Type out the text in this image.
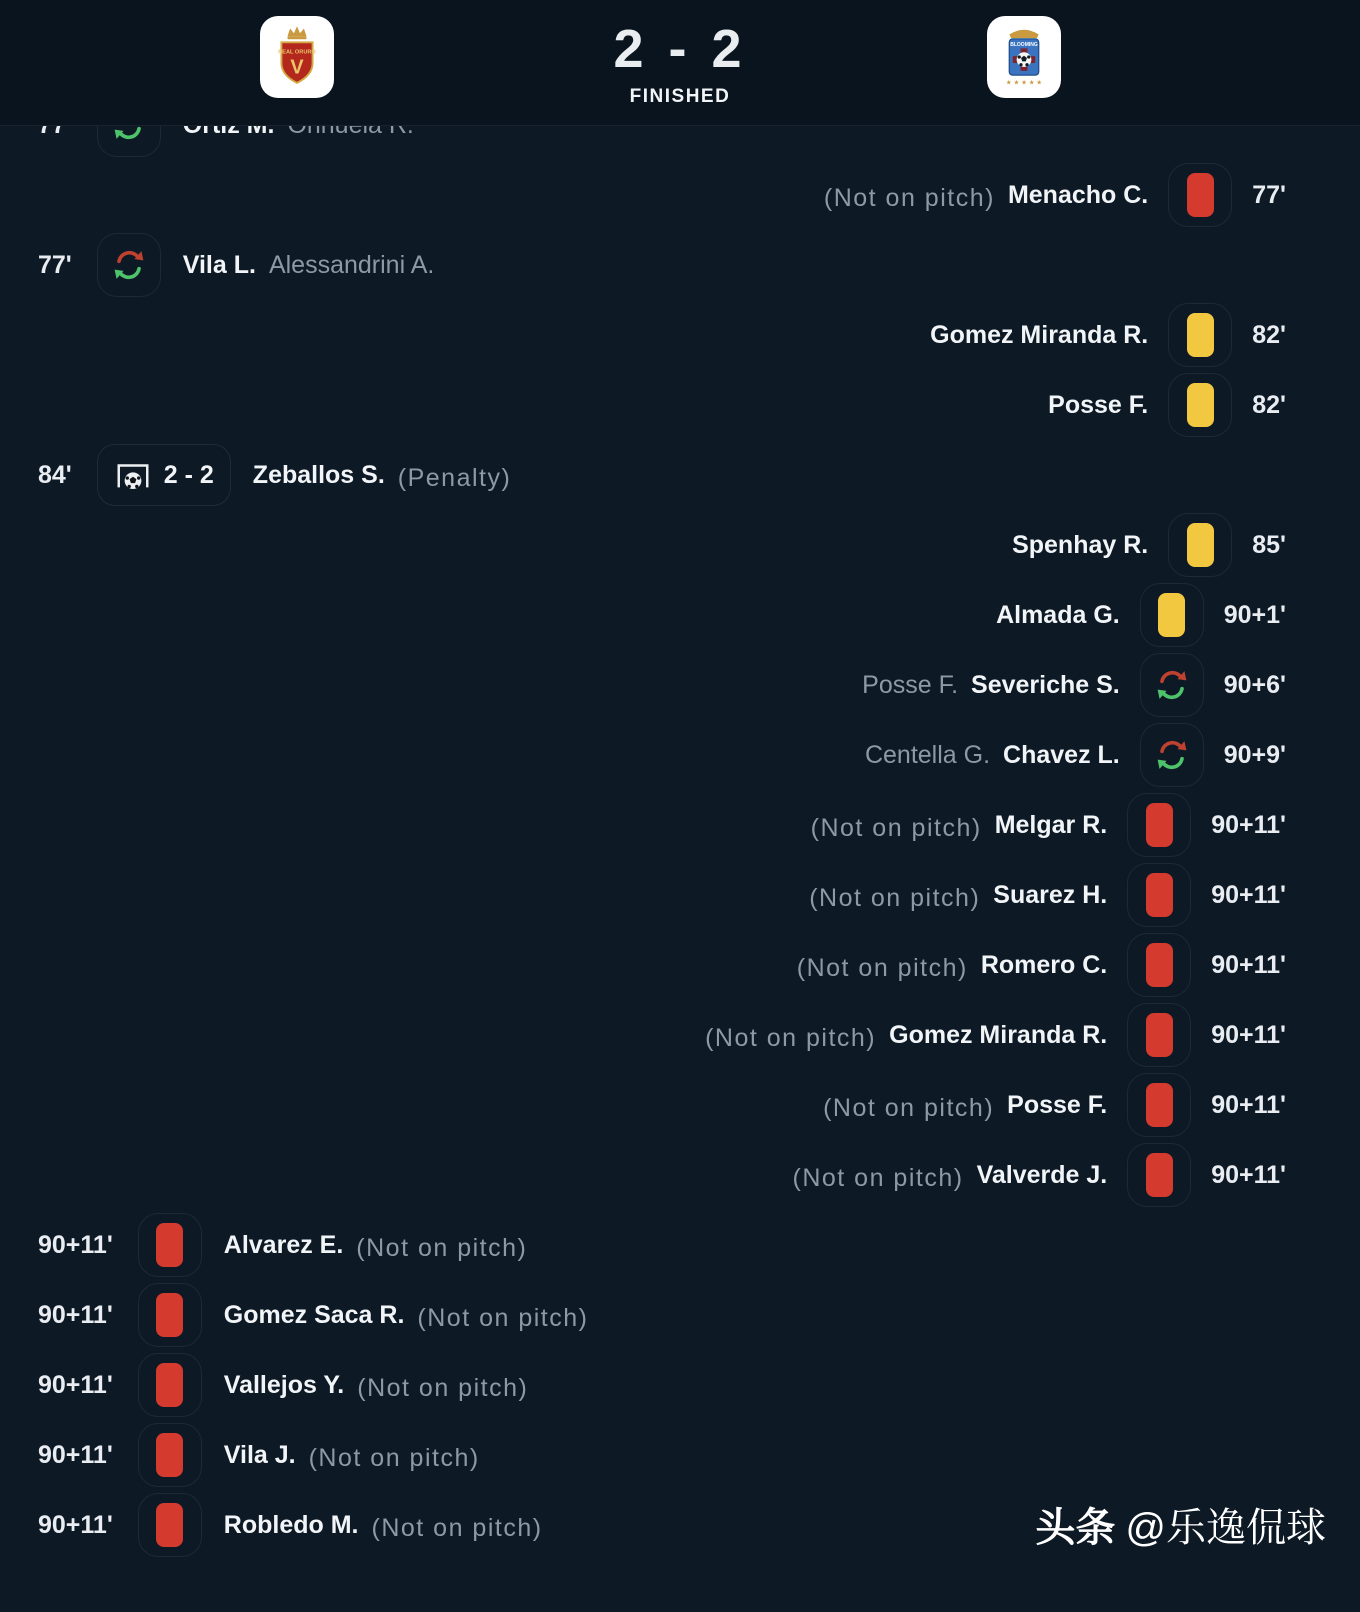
(Not on pitch) Menacho C.	77'
77'	Vila L. Alessandrini A.
Gomez Miranda R.	82'
Posse F.	82'
84'	2 - 2 Zeballos S. (Penalty)
Spenhay R.	85'
Almada G.	90+1'
Posse F. Severiche S.	90+6'
Centella G. Chavez L.	90+9'
(Not on pitch) Melgar R.	90+11'
(Not on pitch) Suarez H.	90+11'
(Not on pitch) Romero C.	90+11'
(Not on pitch) Gomez Miranda R.	90+11'
(Not on pitch) Posse F.	90+11'
(Not on pitch) Valverde J.	90+11'
90+11'	Alvarez E. (Not on pitch)
90+11'	Gomez Saca R. (Not on pitch)
90+11'	Vallejos Y. (Not on pitch)
90+11'	Vila J. (Not on pitch)
90+11'	Robledo M. (Not on pitch)
REAL ORURO
V	2 - 2
FINISHED
BLOOMING
★ ★ ★ ★ ★
头条 @乐逸侃球
